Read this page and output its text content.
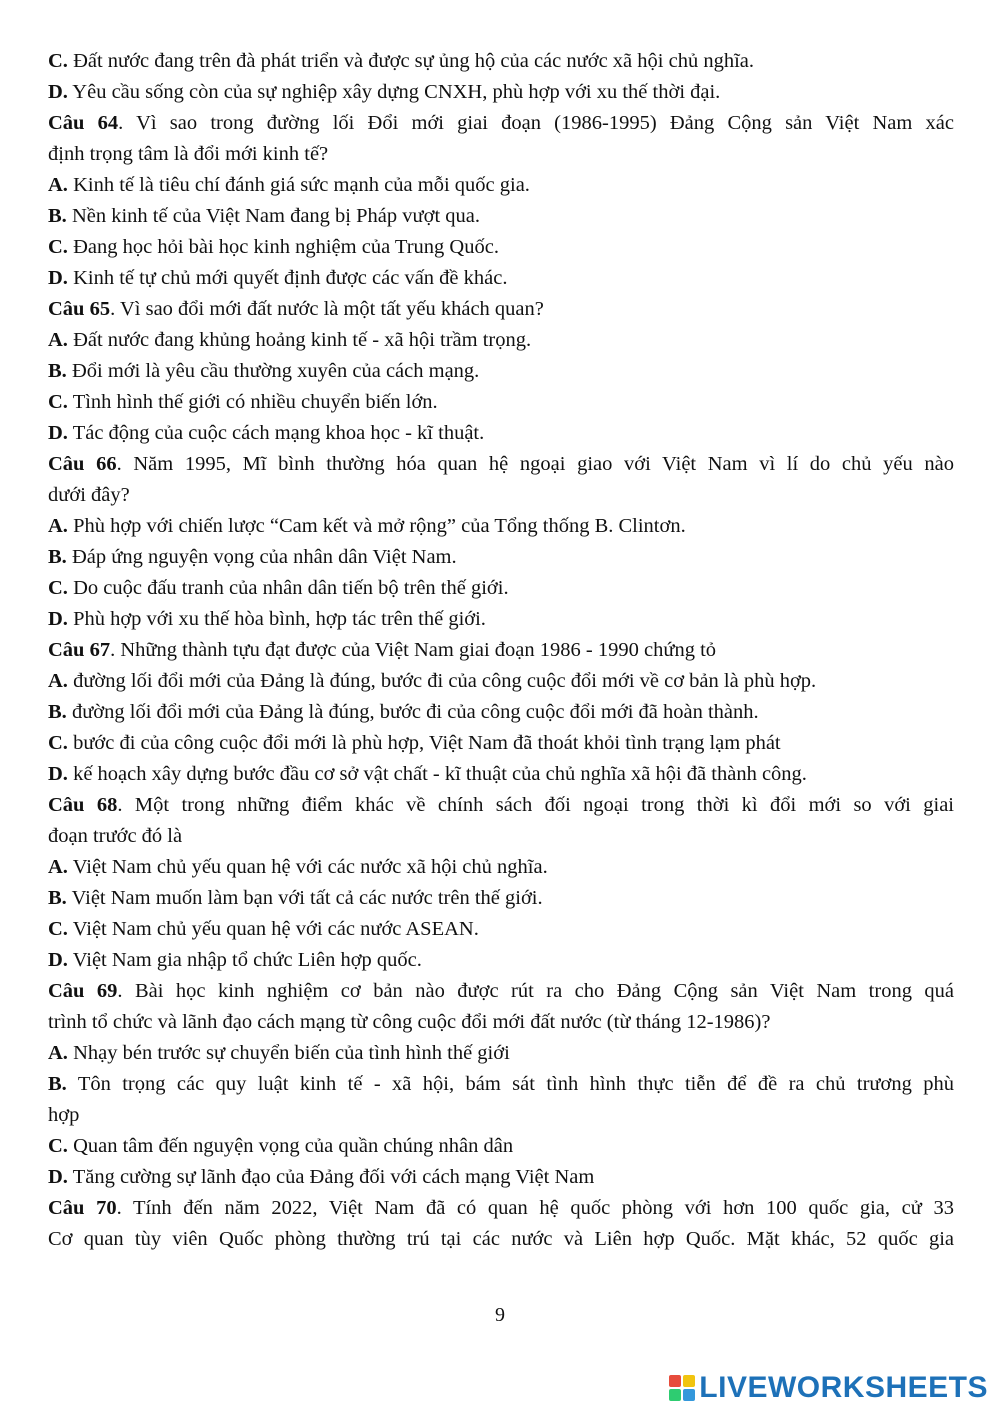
C. Đất nước đang trên đà phát triển và được sự ủng hộ của các nước xã hội chủ nghĩa.
D. Yêu cầu sống còn của sự nghiệp xây dựng CNXH, phù hợp với xu thế thời đại.
Câu 64. Vì sao trong đường lối Đổi mới giai đoạn (1986-1995) Đảng Cộng sản Việt Nam xác
định trọng tâm là đổi mới kinh tế?
A. Kinh tế là tiêu chí đánh giá sức mạnh của mỗi quốc gia.
B. Nền kinh tế của Việt Nam đang bị Pháp vượt qua.
C. Đang học hỏi bài học kinh nghiệm của Trung Quốc.
D. Kinh tế tự chủ mới quyết định được các vấn đề khác.
Câu 65. Vì sao đổi mới đất nước là một tất yếu khách quan?
A. Đất nước đang khủng hoảng kinh tế - xã hội trầm trọng.
B. Đổi mới là yêu cầu thường xuyên của cách mạng.
C. Tình hình thế giới có nhiều chuyển biến lớn.
D. Tác động của cuộc cách mạng khoa học - kĩ thuật.
Câu 66. Năm 1995, Mĩ bình thường hóa quan hệ ngoại giao với Việt Nam vì lí do chủ yếu nào
dưới đây?
A. Phù hợp với chiến lược “Cam kết và mở rộng” của Tổng thống B. Clintơn.
B. Đáp ứng nguyện vọng của nhân dân Việt Nam.
C. Do cuộc đấu tranh của nhân dân tiến bộ trên thế giới.
D. Phù hợp với xu thế hòa bình, hợp tác trên thế giới.
Câu 67. Những thành tựu đạt được của Việt Nam giai đoạn 1986 - 1990 chứng tỏ
A. đường lối đổi mới của Đảng là đúng, bước đi của công cuộc đổi mới về cơ bản là phù hợp.
B. đường lối đổi mới của Đảng là đúng, bước đi của công cuộc đổi mới đã hoàn thành.
C. bước đi của công cuộc đổi mới là phù hợp, Việt Nam đã thoát khỏi tình trạng lạm phát
D. kế hoạch xây dựng bước đầu cơ sở vật chất - kĩ thuật của chủ nghĩa xã hội đã thành công.
Câu 68. Một trong những điểm khác về chính sách đối ngoại trong thời kì đổi mới so với giai
đoạn trước đó là
A. Việt Nam chủ yếu quan hệ với các nước xã hội chủ nghĩa.
B. Việt Nam muốn làm bạn với tất cả các nước trên thế giới.
C. Việt Nam chủ yếu quan hệ với các nước ASEAN.
D. Việt Nam gia nhập tổ chức Liên hợp quốc.
Câu 69. Bài học kinh nghiệm cơ bản nào được rút ra cho Đảng Cộng sản Việt Nam trong quá
trình tổ chức và lãnh đạo cách mạng từ công cuộc đổi mới đất nước (từ tháng 12-1986)?
A. Nhạy bén trước sự chuyển biến của tình hình thế giới
B. Tôn trọng các quy luật kinh tế - xã hội, bám sát tình hình thực tiễn để đề ra chủ trương phù
hợp
C. Quan tâm đến nguyện vọng của quần chúng nhân dân
D. Tăng cường sự lãnh đạo của Đảng đối với cách mạng Việt Nam
Câu 70. Tính đến năm 2022, Việt Nam đã có quan hệ quốc phòng với hơn 100 quốc gia, cử 33
Cơ quan tùy viên Quốc phòng thường trú tại các nước và Liên hợp Quốc. Mặt khác, 52 quốc gia
9
LIVEWORKSHEETS
